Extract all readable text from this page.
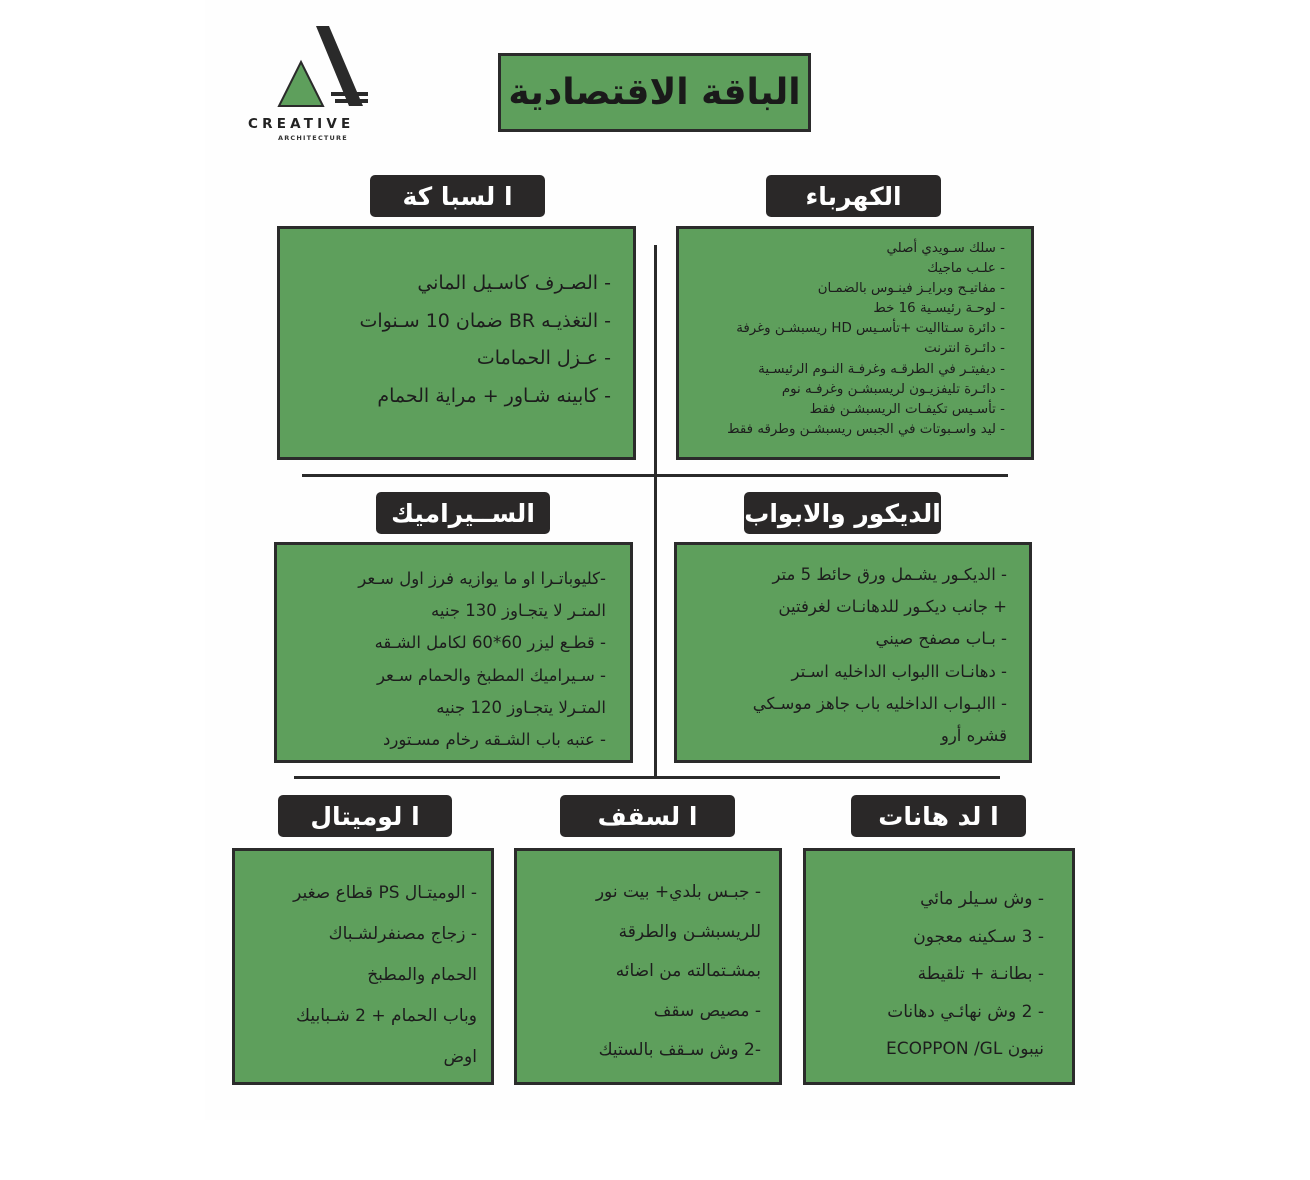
CREATIVE
ARCHITECTURE
الباقة الاقتصادية
الكهرباء
- سلك سـويدي أصلي
- علـب ماجيك
- مفاتيـح وبرايـز فينـوس بالضمـان
- لوحـة رئيسـية 16 خط
- دائرة سـتااليت +تأسـيس HD ريسبشـن وغرفة
- دائـرة انترنت
- ديفيتـر في الطرقـه وغرفـة النـوم الرئيسـية
- دائـرة تليفزيـون لريسبشـن وغرفـه نوم
- تأسـيس تكيفـات الريسبشـن فقط
- ليد واسـبوتات في الجبس ريسبشـن وطرقه فقط
ا لسبا كة
- الصـرف كاسـيل الماني
- التغذيـه BR ضمان 10 سـنوات
- عـزل الحمامات
- كابينه شـاور + مراية الحمام
الديكور والابواب
- الديكـور يشـمل ورق حائط 5 متر
+ جانب ديكـور للدهانـات لغرفتين
- بـاب مصفح صيني
- دهانـات االبواب الداخليه اسـتر
- االبـواب الداخليه باب جاهز موسـكي
قشره أرو
الســيراميك
-كليوباتـرا او ما يوازيه فرز اول سـعر
المتـر لا يتجـاوز 130 جنيه
- قطـع ليزر 60*60 لكامل الشـقه
- سـيراميك المطبخ والحمام سـعر
المتـرلا يتجـاوز 120 جنيه
- عتبه باب الشـقه رخام مسـتورد
ا لد هانات
- وش سـيلر مائي
- 3 سـكينه معجون
- بطانـة + تلقيطة
- 2 وش نهائـي دهانات
نيبون ECOPPON /GL
ا لسقف
- جبـس بلدي+ بيت نور
للريسبشـن والطرقة
بمشـتمالته من اضائه
- مصيص سقف
-2 وش سـقف بالستيك
ا لوميتال
- الوميتـال PS قطاع صغير
- زجاج مصنفرلشـباك
الحمام والمطبخ
وباب الحمام + 2 شـبابيك
اوض
